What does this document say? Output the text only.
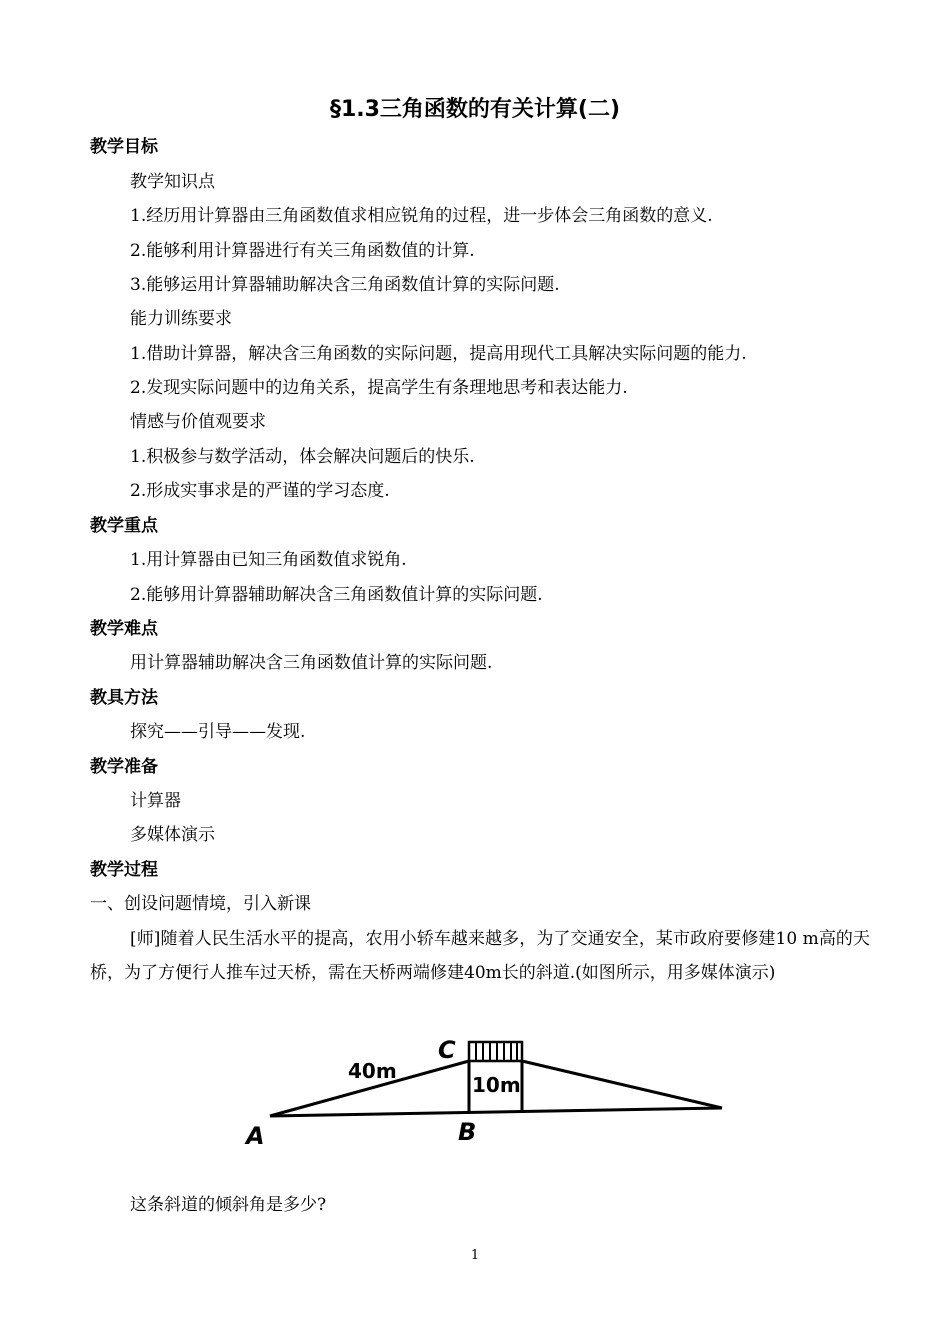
§1.3三角函数的有关计算(二)
教学目标
教学知识点
1.经历用计算器由三角函数值求相应锐角的过程，进一步体会三角函数的意义.
2.能够利用计算器进行有关三角函数值的计算.
3.能够运用计算器辅助解决含三角函数值计算的实际问题.
能力训练要求
1.借助计算器，解决含三角函数的实际问题，提高用现代工具解决实际问题的能力.
2.发现实际问题中的边角关系，提高学生有条理地思考和表达能力.
情感与价值观要求
1.积极参与数学活动，体会解决问题后的快乐.
2.形成实事求是的严谨的学习态度.
教学重点
1.用计算器由已知三角函数值求锐角.
2.能够用计算器辅助解决含三角函数值计算的实际问题.
教学难点
用计算器辅助解决含三角函数值计算的实际问题.
教具方法
探究——引导——发现.
教学准备
计算器
多媒体演示
教学过程
一、创设问题情境，引入新课
[师]随着人民生活水平的提高，农用小轿车越来越多，为了交通安全，某市政府要修建10 m高的天桥，为了方便行人推车过天桥，需在天桥两端修建40m长的斜道.(如图所示，用多媒体演示)
C
40m
10m
A	B
这条斜道的倾斜角是多少?
1
